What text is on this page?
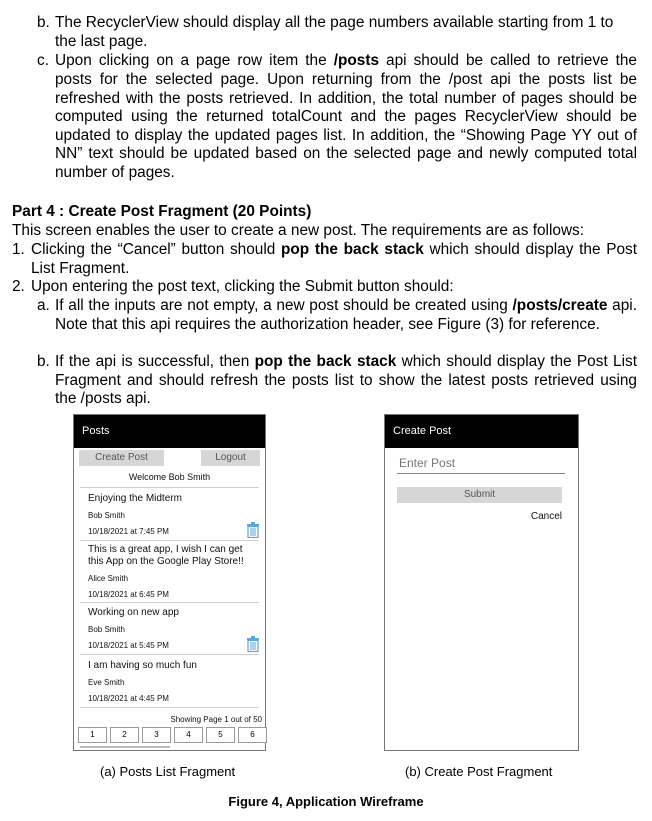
b. The RecyclerView should display all the page numbers available starting from 1 to
the last page.
c. Upon clicking on a page row item the /posts api should be called to retrieve the
posts for the selected page. Upon returning from the /post api the posts list be refreshed with the posts retrieved. In addition, the total number of pages should be computed using the returned totalCount and the pages RecyclerView should be updated to display the updated pages list. In addition, the “Showing Page YY out of NN” text should be updated based on the selected page and newly computed total number of pages.
Part 4 : Create Post Fragment (20 Points)
This screen enables the user to create a new post. The requirements are as follows:
1. Clicking the “Cancel” button should pop the back stack which should display the Post List Fragment.
2. Upon entering the post text, clicking the Submit button should:
a. If all the inputs are not empty, a new post should be created using /posts/create api. Note that this api requires the authorization header, see Figure (3) for reference.
b. If the api is successful, then pop the back stack which should display the Post List Fragment and should refresh the posts list to show the latest posts retrieved using the /posts api.
Posts
Create Post	Logout
Welcome Bob Smith
Enjoying the Midterm
Bob Smith
10/18/2021 at 7:45 PM
This is a great app, I wish I can get this App on the Google Play Store!!
Alice Smith
10/18/2021 at 6:45 PM
Working on new app
Bob Smith
10/18/2021 at 5:45 PM
I am having so much fun
Eve Smith
10/18/2021 at 4:45 PM
Showing Page 1 out of 50
1	2	3	4	5	6
Create Post
Enter Post
Submit
Cancel
(a) Posts List Fragment	(b) Create Post Fragment
Figure 4, Application Wireframe
